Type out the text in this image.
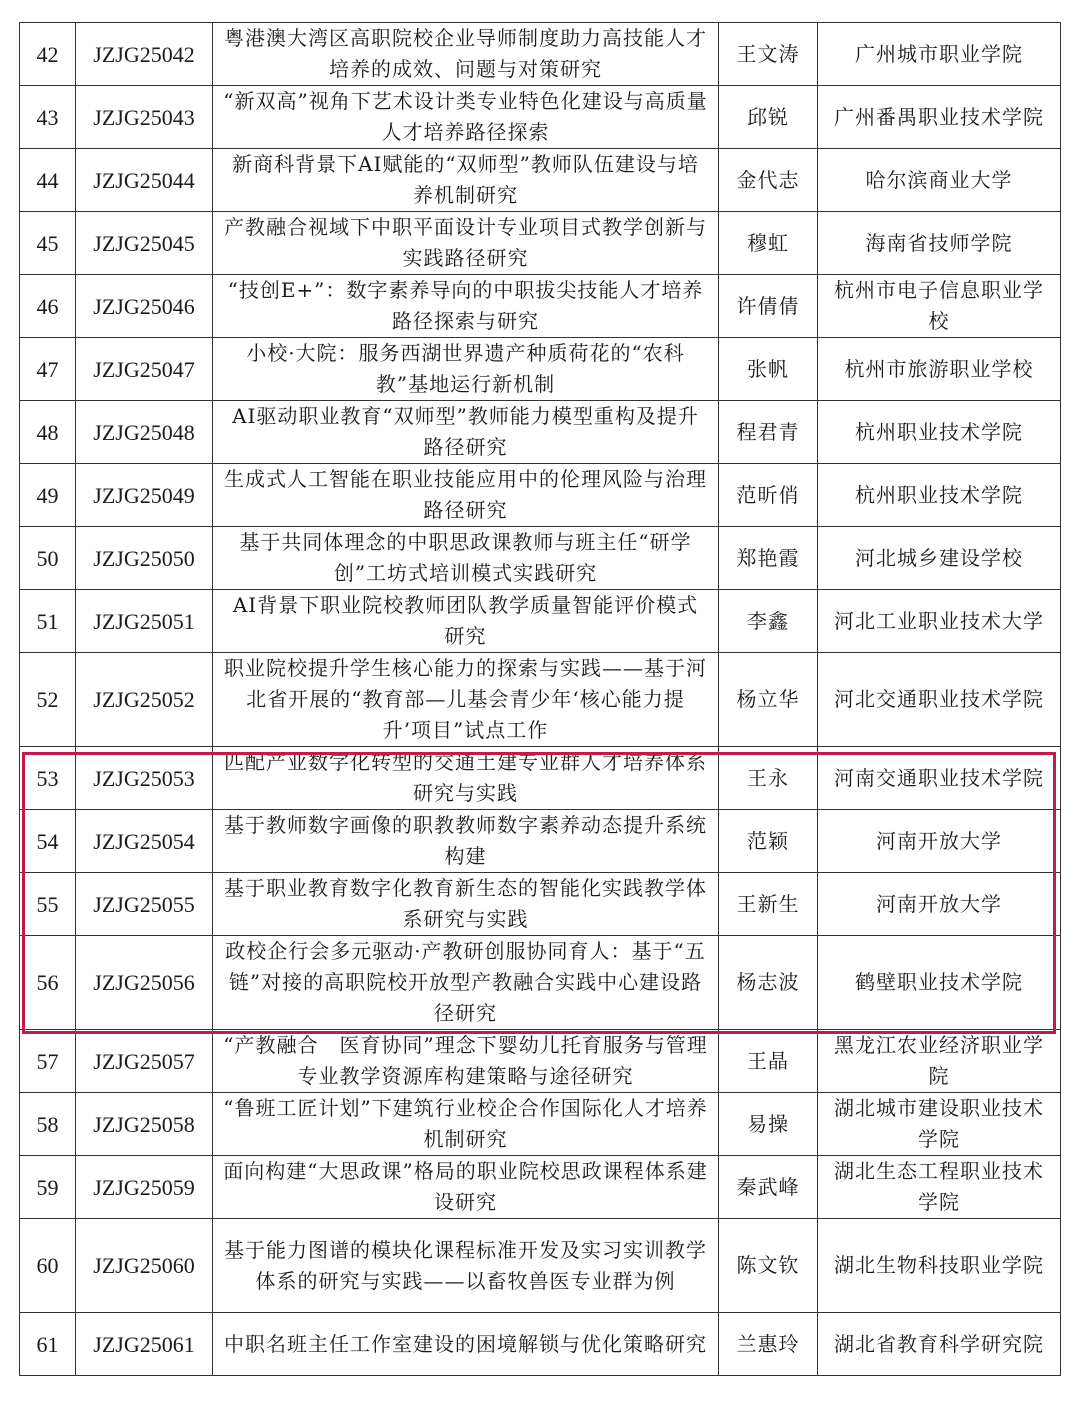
42	JZJG25042	粤港澳大湾区高职院校企业导师制度助力高技能人才培养的成效、问题与对策研究	王文涛	广州城市职业学院
43	JZJG25043	“新双高”视角下艺术设计类专业特色化建设与高质量人才培养路径探索	邱锐	广州番禺职业技术学院
44	JZJG25044	新商科背景下AI赋能的“双师型”教师队伍建设与培养机制研究	金代志	哈尔滨商业大学
45	JZJG25045	产教融合视域下中职平面设计专业项目式教学创新与实践路径研究	穆虹	海南省技师学院
46	JZJG25046	“技创E+”：数字素养导向的中职拔尖技能人才培养路径探索与研究	许倩倩	杭州市电子信息职业学校
47	JZJG25047	小校·大院：服务西湖世界遗产种质荷花的“农科教”基地运行新机制	张帆	杭州市旅游职业学校
48	JZJG25048	AI驱动职业教育“双师型”教师能力模型重构及提升路径研究	程君青	杭州职业技术学院
49	JZJG25049	生成式人工智能在职业技能应用中的伦理风险与治理路径研究	范昕俏	杭州职业技术学院
50	JZJG25050	基于共同体理念的中职思政课教师与班主任“研学创”工坊式培训模式实践研究	郑艳霞	河北城乡建设学校
51	JZJG25051	AI背景下职业院校教师团队教学质量智能评价模式研究	李鑫	河北工业职业技术大学
52	JZJG25052	职业院校提升学生核心能力的探索与实践——基于河北省开展的“教育部—儿基会青少年‘核心能力提升’项目”试点工作	杨立华	河北交通职业技术学院
53	JZJG25053	匹配产业数字化转型的交通土建专业群人才培养体系研究与实践	王永	河南交通职业技术学院
54	JZJG25054	基于教师数字画像的职教教师数字素养动态提升系统构建	范颖	河南开放大学
55	JZJG25055	基于职业教育数字化教育新生态的智能化实践教学体系研究与实践	王新生	河南开放大学
56	JZJG25056	政校企行会多元驱动·产教研创服协同育人：基于“五链”对接的高职院校开放型产教融合实践中心建设路径研究	杨志波	鹤壁职业技术学院
57	JZJG25057	“产教融合　医育协同”理念下婴幼儿托育服务与管理专业教学资源库构建策略与途径研究	王晶	黑龙江农业经济职业学院
58	JZJG25058	“鲁班工匠计划”下建筑行业校企合作国际化人才培养机制研究	易操	湖北城市建设职业技术学院
59	JZJG25059	面向构建“大思政课”格局的职业院校思政课程体系建设研究	秦武峰	湖北生态工程职业技术学院
60	JZJG25060	基于能力图谱的模块化课程标准开发及实习实训教学体系的研究与实践——以畜牧兽医专业群为例	陈文钦	湖北生物科技职业学院
61	JZJG25061	中职名班主任工作室建设的困境解锁与优化策略研究	兰惠玲	湖北省教育科学研究院
